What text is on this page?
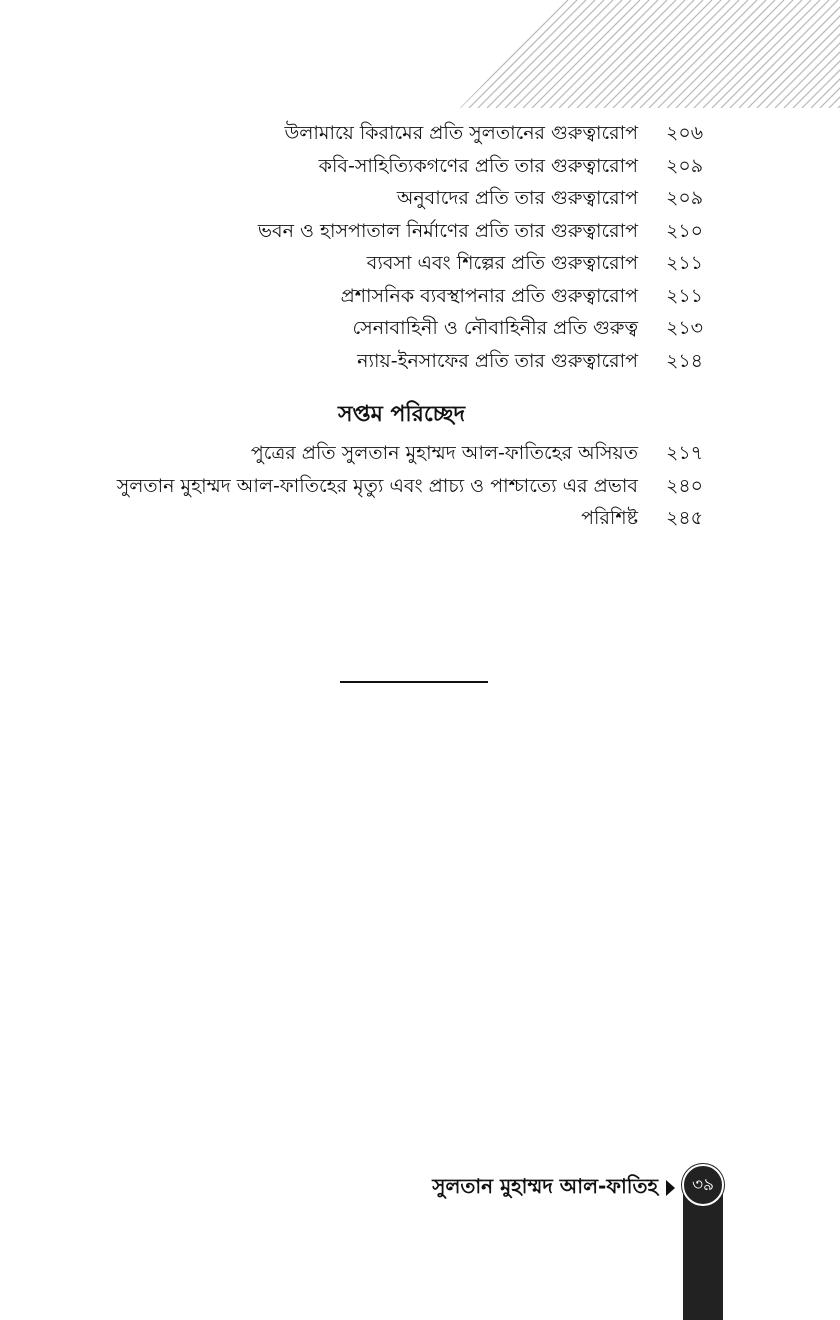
উলামায়ে কিরামের প্রতি সুলতানের গুরুত্বারোপ	২০৬
কবি-সাহিত্যিকগণের প্রতি তার গুরুত্বারোপ	২০৯
অনুবাদের প্রতি তার গুরুত্বারোপ	২০৯
ভবন ও হাসপাতাল নির্মাণের প্রতি তার গুরুত্বারোপ	২১০
ব্যবসা এবং শিল্পের প্রতি গুরুত্বারোপ	২১১
প্রশাসনিক ব্যবস্থাপনার প্রতি গুরুত্বারোপ	২১১
সেনাবাহিনী ও নৌবাহিনীর প্রতি গুরুত্ব	২১৩
ন্যায়-ইনসাফের প্রতি তার গুরুত্বারোপ	২১৪
সপ্তম পরিচ্ছেদ
পুত্রের প্রতি সুলতান মুহাম্মদ আল-ফাতিহের অসিয়ত	২১৭
সুলতান মুহাম্মদ আল-ফাতিহের মৃত্যু এবং প্রাচ্য ও পাশ্চাত্যে এর প্রভাব	২৪০
পরিশিষ্ট	২৪৫
সুলতান মুহাম্মদ আল-ফাতিহ	৩৯
